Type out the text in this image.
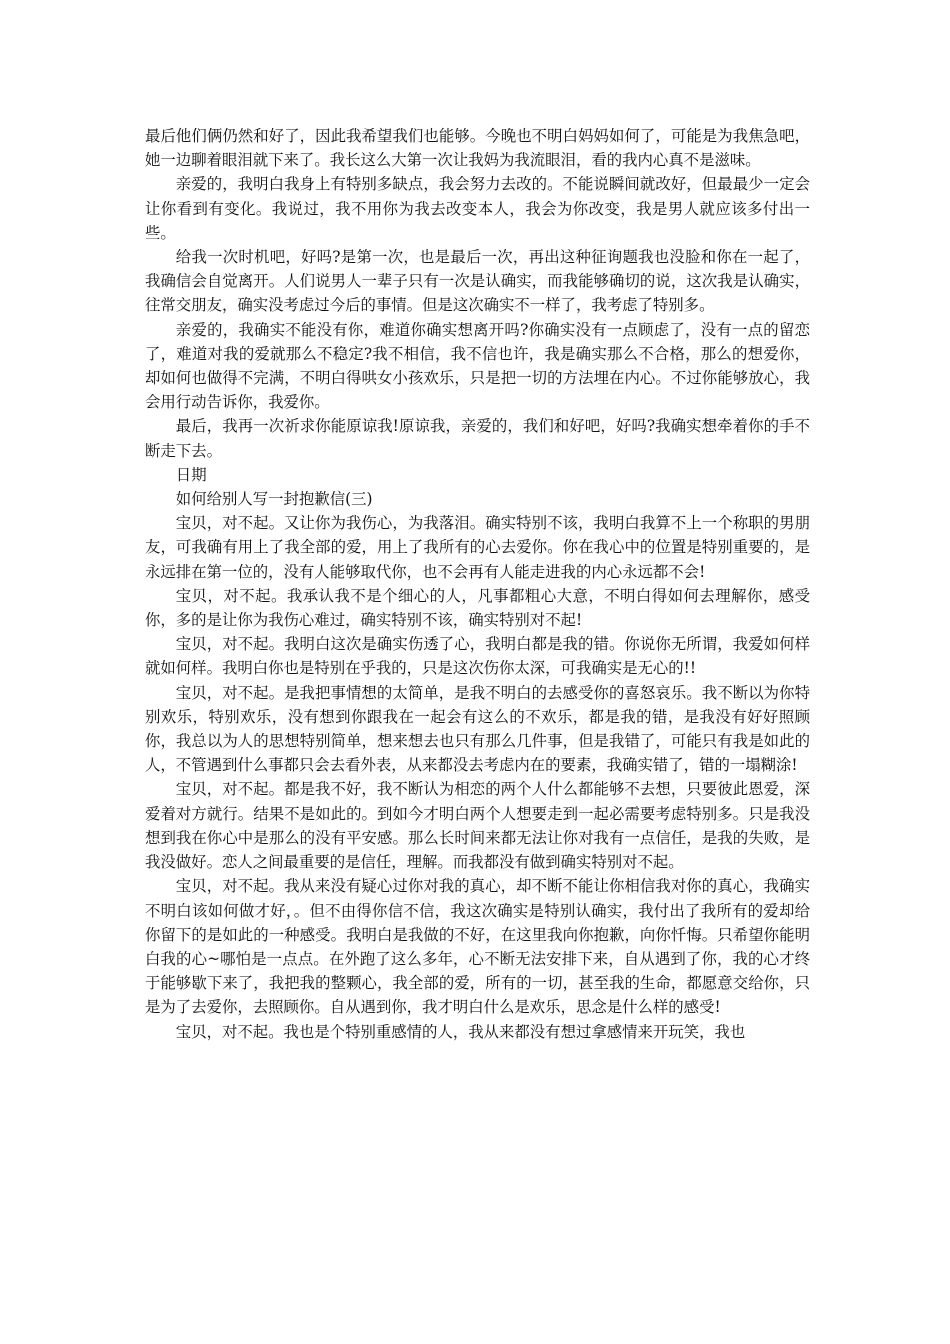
最后他们俩仍然和好了，因此我希望我们也能够。今晚也不明白妈妈如何了，可能是为我焦急吧，她一边聊着眼泪就下来了。我长这么大第一次让我妈为我流眼泪，看的我内心真不是滋味。

亲爱的，我明白我身上有特别多缺点，我会努力去改的。不能说瞬间就改好，但最最少一定会让你看到有变化。我说过，我不用你为我去改变本人，我会为你改变，我是男人就应该多付出一些。

给我一次时机吧，好吗?是第一次，也是最后一次，再出这种征询题我也没脸和你在一起了，我确信会自觉离开。人们说男人一辈子只有一次是认确实，而我能够确切的说，这次我是认确实，往常交朋友，确实没考虑过今后的事情。但是这次确实不一样了，我考虑了特别多。

亲爱的，我确实不能没有你，难道你确实想离开吗?你确实没有一点顾虑了，没有一点的留恋了，难道对我的爱就那么不稳定?我不相信，我不信也许，我是确实那么不合格，那么的想爱你，却如何也做得不完满，不明白得哄女小孩欢乐，只是把一切的方法埋在内心。不过你能够放心，我会用行动告诉你，我爱你。

最后，我再一次祈求你能原谅我!原谅我，亲爱的，我们和好吧，好吗?我确实想牵着你的手不断走下去。

日期

如何给别人写一封抱歉信(三)

宝贝，对不起。又让你为我伤心，为我落泪。确实特别不该，我明白我算不上一个称职的男朋友，可我确有用上了我全部的爱，用上了我所有的心去爱你。你在我心中的位置是特别重要的，是永远排在第一位的，没有人能够取代你，也不会再有人能走进我的内心永远都不会!

宝贝，对不起。我承认我不是个细心的人，凡事都粗心大意，不明白得如何去理解你，感受你，多的是让你为我伤心难过，确实特别不该，确实特别对不起!

宝贝，对不起。我明白这次是确实伤透了心，我明白都是我的错。你说你无所谓，我爱如何样就如何样。我明白你也是特别在乎我的，只是这次伤你太深，可我确实是无心的!!

宝贝，对不起。是我把事情想的太简单，是我不明白的去感受你的喜怒哀乐。我不断以为你特别欢乐，特别欢乐，没有想到你跟我在一起会有这么的不欢乐，都是我的错，是我没有好好照顾你，我总以为人的思想特别简单，想来想去也只有那么几件事，但是我错了，可能只有我是如此的人，不管遇到什么事都只会去看外表，从来都没去考虑内在的要素，我确实错了，错的一塌糊涂!

宝贝，对不起。都是我不好，我不断认为相恋的两个人什么都能够不去想，只要彼此恩爱，深爱着对方就行。结果不是如此的。到如今才明白两个人想要走到一起必需要考虑特别多。只是我没想到我在你心中是那么的没有平安感。那么长时间来都无法让你对我有一点信任，是我的失败，是我没做好。恋人之间最重要的是信任，理解。而我都没有做到确实特别对不起。

宝贝，对不起。我从来没有疑心过你对我的真心，却不断不能让你相信我对你的真心，我确实不明白该如何做才好，。但不由得你信不信，我这次确实是特别认确实，我付出了我所有的爱却给你留下的是如此的一种感受。我明白是我做的不好，在这里我向你抱歉，向你忏悔。只希望你能明白我的心~哪怕是一点点。在外跑了这么多年，心不断无法安排下来，自从遇到了你，我的心才终于能够歇下来了，我把我的整颗心，我全部的爱，所有的一切，甚至我的生命，都愿意交给你，只是为了去爱你，去照顾你。自从遇到你，我才明白什么是欢乐，思念是什么样的感受!

宝贝，对不起。我也是个特别重感情的人，我从来都没有想过拿感情来开玩笑，我也
